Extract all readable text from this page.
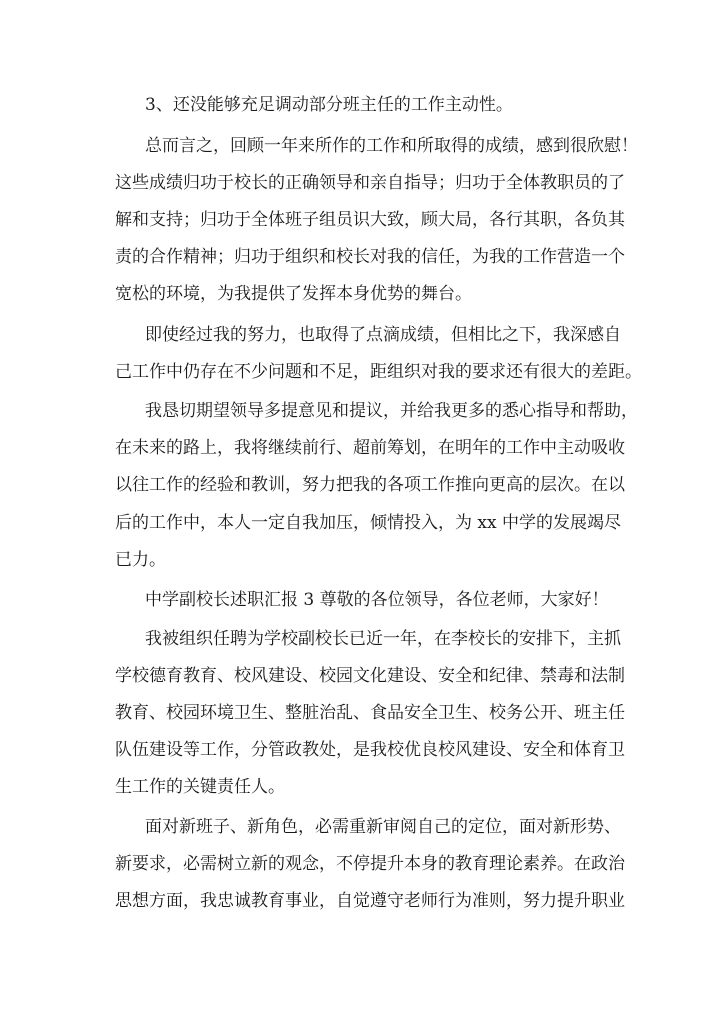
3、还没能够充足调动部分班主任的工作主动性。
总而言之，回顾一年来所作的工作和所取得的成绩，感到很欣慰！
这些成绩归功于校长的正确领导和亲自指导；归功于全体教职员的了
解和支持；归功于全体班子组员识大致，顾大局，各行其职，各负其
责的合作精神；归功于组织和校长对我的信任，为我的工作营造一个
宽松的环境，为我提供了发挥本身优势的舞台。
即使经过我的努力，也取得了点滴成绩，但相比之下，我深感自
己工作中仍存在不少问题和不足，距组织对我的要求还有很大的差距。
我恳切期望领导多提意见和提议，并给我更多的悉心指导和帮助，
在未来的路上，我将继续前行、超前筹划，在明年的工作中主动吸收
以往工作的经验和教训，努力把我的各项工作推向更高的层次。在以
后的工作中，本人一定自我加压，倾情投入，为 xx 中学的发展竭尽
已力。
中学副校长述职汇报 3 尊敬的各位领导，各位老师，大家好！
我被组织任聘为学校副校长已近一年，在李校长的安排下，主抓
学校德育教育、校风建设、校园文化建设、安全和纪律、禁毒和法制
教育、校园环境卫生、整脏治乱、食品安全卫生、校务公开、班主任
队伍建设等工作，分管政教处，是我校优良校风建设、安全和体育卫
生工作的关键责任人。
面对新班子、新角色，必需重新审阅自己的定位，面对新形势、
新要求，必需树立新的观念，不停提升本身的教育理论素养。在政治
思想方面，我忠诚教育事业，自觉遵守老师行为准则，努力提升职业
